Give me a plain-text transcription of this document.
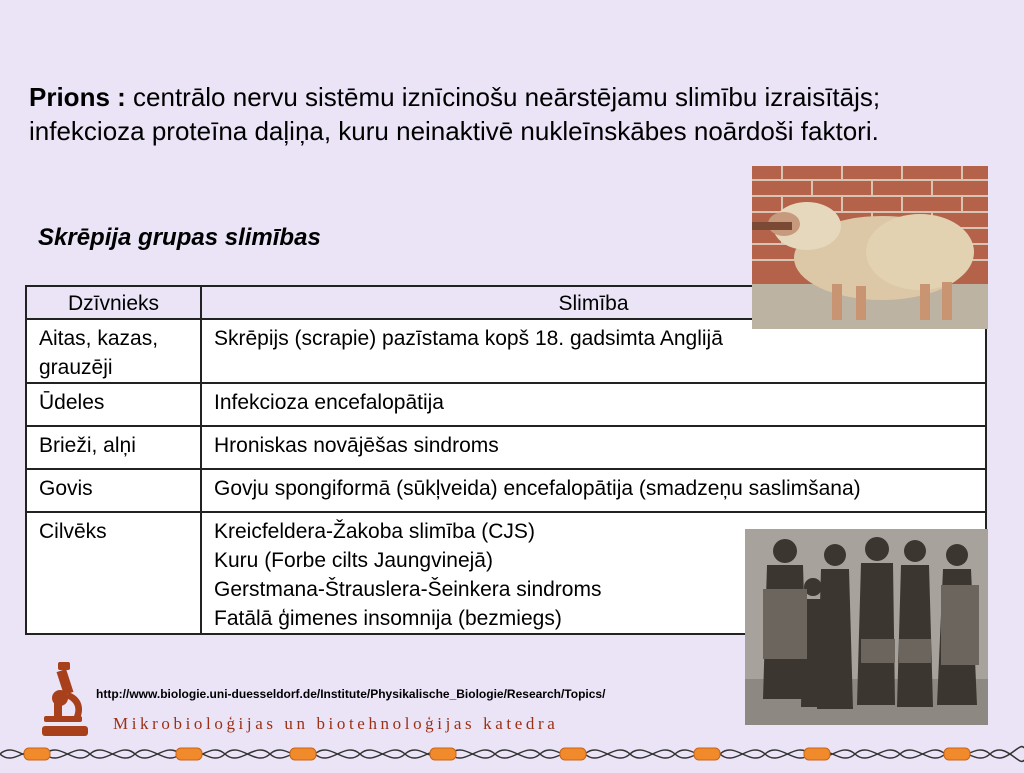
Prions : centrālo nervu sistēmu iznīcinošu neārstējamu slimību izraisītājs; infekcioza proteīna daļiņa, kuru neinaktivē nukleīnskābes noārdoši faktori.
Skrēpija grupas slimības
Dzīvnieks	Slimība
Aitas, kazas, grauzēji	Skrēpijs (scrapie) pazīstama kopš 18. gadsimta Anglijā
Ūdeles	Infekcioza encefalopātija
Brieži, alņi	Hroniskas novājēšas sindroms
Govis	Govju spongiformā (sūkļveida) encefalopātija (smadzeņu saslimšana)
Cilvēks	Kreicfeldera-Žakoba slimība (CJS)
Kuru (Forbe cilts Jaungvinejā)
Gerstmana-Štrauslera-Šeinkera sindroms
Fatālā ģimenes insomnija (bezmiegs)
http://www.biologie.uni-duesseldorf.de/Institute/Physikalische_Biologie/Research/Topics/
Mikrobioloģijas un biotehnoloģijas katedra
